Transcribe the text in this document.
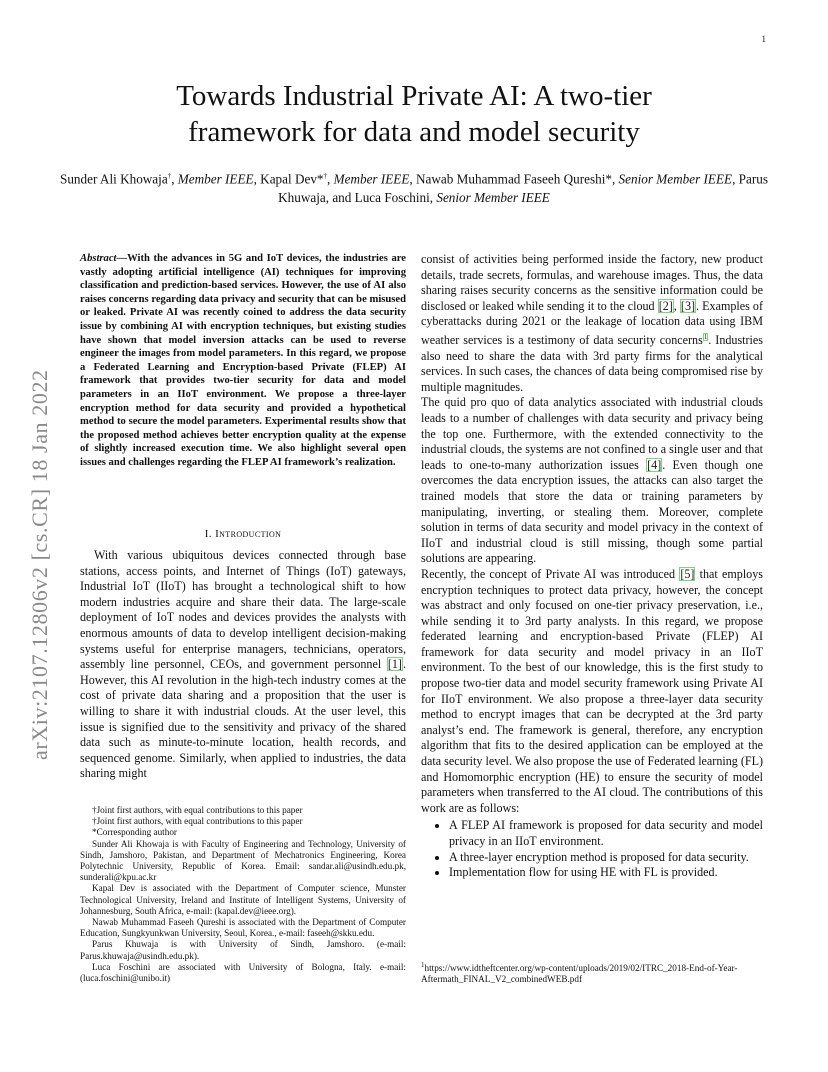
1
arXiv:2107.12806v2 [cs.CR] 18 Jan 2022
Towards Industrial Private AI: A two-tier
framework for data and model security
Sunder Ali Khowaja†, Member IEEE, Kapal Dev*†, Member IEEE, Nawab Muhammad Faseeh Qureshi*, Senior Member IEEE, Parus Khuwaja, and Luca Foschini, Senior Member IEEE
Abstract—With the advances in 5G and IoT devices, the industries are vastly adopting artificial intelligence (AI) techniques for improving classification and prediction-based services. However, the use of AI also raises concerns regarding data privacy and security that can be misused or leaked. Private AI was recently coined to address the data security issue by combining AI with encryption techniques, but existing studies have shown that model inversion attacks can be used to reverse engineer the images from model parameters. In this regard, we propose a Federated Learning and Encryption-based Private (FLEP) AI framework that provides two-tier security for data and model parameters in an IIoT environment. We propose a three-layer encryption method for data security and provided a hypothetical method to secure the model parameters. Experimental results show that the proposed method achieves better encryption quality at the expense of slightly increased execution time. We also highlight several open issues and challenges regarding the FLEP AI framework’s realization.
I. Introduction
With various ubiquitous devices connected through base stations, access points, and Internet of Things (IoT) gateways, Industrial IoT (IIoT) has brought a technological shift to how modern industries acquire and share their data. The large-scale deployment of IoT nodes and devices provides the analysts with enormous amounts of data to develop intelligent decision-making systems useful for enterprise managers, technicians, operators, assembly line personnel, CEOs, and government personnel [1]. However, this AI revolution in the high-tech industry comes at the cost of private data sharing and a proposition that the user is willing to share it with industrial clouds. At the user level, this issue is signified due to the sensitivity and privacy of the shared data such as minute-to-minute location, health records, and sequenced genome. Similarly, when applied to industries, the data sharing might

†Joint first authors, with equal contributions to this paper

†Joint first authors, with equal contributions to this paper

*Corresponding author

Sunder Ali Khowaja is with Faculty of Engineering and Technology, University of Sindh, Jamshoro, Pakistan, and Department of Mechatronics Engineering, Korea Polytechnic University, Republic of Korea. Email: sandar.ali@usindh.edu.pk, sunderali@kpu.ac.kr

Kapal Dev is associated with the Department of Computer science, Munster Technological University, Ireland and Institute of Intelligent Systems, University of Johannesburg, South Africa, e-mail: (kapal.dev@ieee.org).

Nawab Muhammad Faseeh Qureshi is associated with the Department of Computer Education, Sungkyunkwan University, Seoul, Korea., e-mail: faseeh@skku.edu.

Parus Khuwaja is with University of Sindh, Jamshoro. (e-mail: Parus.khuwaja@usindh.edu.pk).

Luca Foschini are associated with University of Bologna, Italy. e-mail: (luca.foschini@unibo.it)

consist of activities being performed inside the factory, new product details, trade secrets, formulas, and warehouse images. Thus, the data sharing raises security concerns as the sensitive information could be disclosed or leaked while sending it to the cloud [2], [3]. Examples of cyberattacks during 2021 or the leakage of location data using IBM weather services is a testimony of data security concerns$^1$. Industries also need to share the data with 3rd party firms for the analytical services. In such cases, the chances of data being compromised rise by multiple magnitudes.

The quid pro quo of data analytics associated with industrial clouds leads to a number of challenges with data security and privacy being the top one. Furthermore, with the extended connectivity to the industrial clouds, the systems are not confined to a single user and that leads to one-to-many authorization issues [4]. Even though one overcomes the data encryption issues, the attacks can also target the trained models that store the data or training parameters by manipulating, inverting, or stealing them. Moreover, complete solution in terms of data security and model privacy in the context of IIoT and industrial cloud is still missing, though some partial solutions are appearing.

Recently, the concept of Private AI was introduced [5] that employs encryption techniques to protect data privacy, however, the concept was abstract and only focused on one-tier privacy preservation, i.e., while sending it to 3rd party analysts. In this regard, we propose federated learning and encryption-based Private (FLEP) AI framework for data security and model privacy in an IIoT environment. To the best of our knowledge, this is the first study to propose two-tier data and model security framework using Private AI for IIoT environment. We also propose a three-layer data security method to encrypt images that can be decrypted at the 3rd party analyst’s end. The framework is general, therefore, any encryption algorithm that fits to the desired application can be employed at the data security level. We also propose the use of Federated learning (FL) and Homomorphic encryption (HE) to ensure the security of model parameters when transferred to the AI cloud. The contributions of this work are as follows:

• A FLEP AI framework is proposed for data security and model privacy in an IIoT environment.
• A three-layer encryption method is proposed for data security.
• Implementation flow for using HE with FL is provided.
$^1$https://www.idtheftcenter.org/wp-content/uploads/2019/02/ITRC_2018-End-of-Year-Aftermath_FINAL_V2_combinedWEB.pdf
